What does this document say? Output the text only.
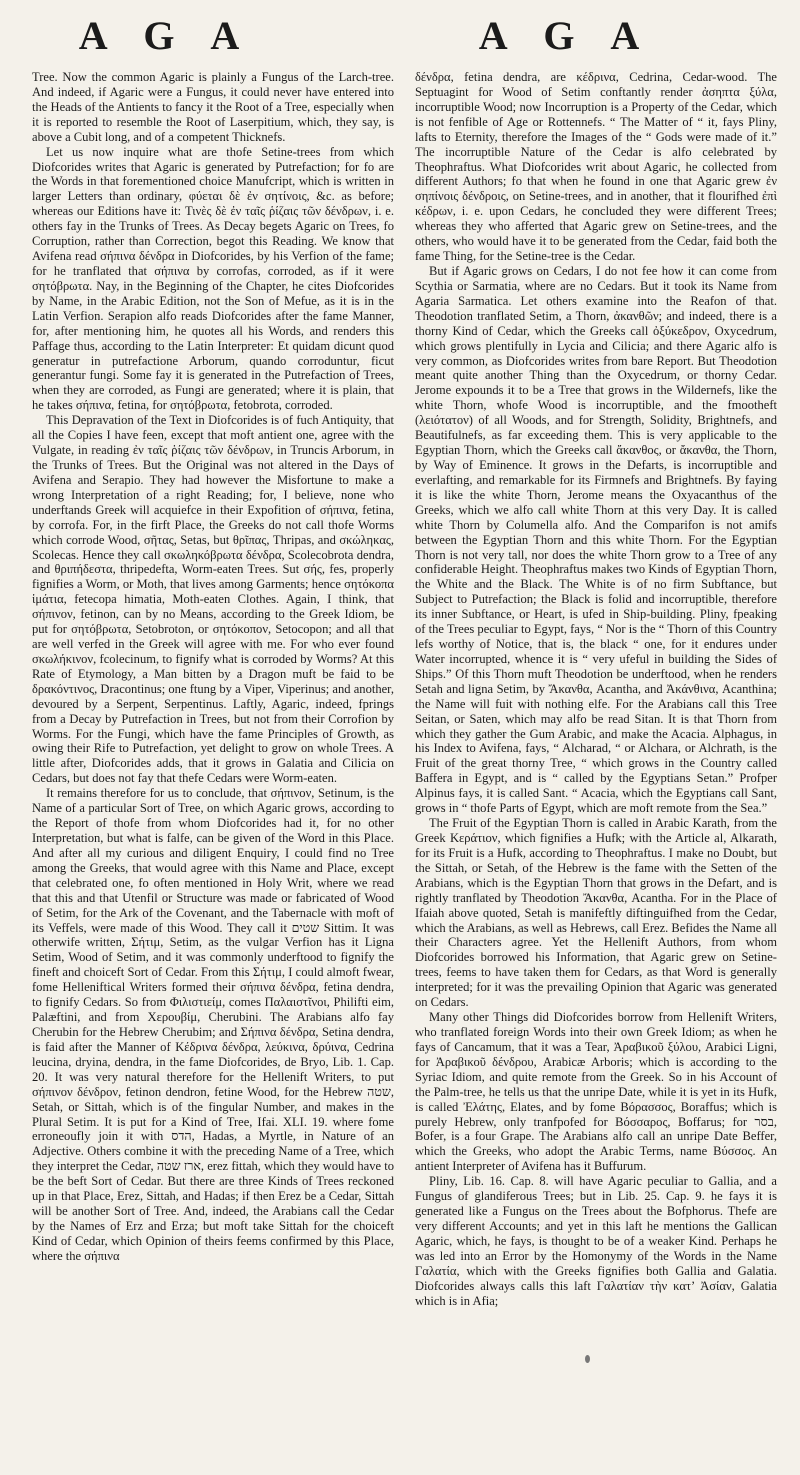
A G A	A G A

Tree. Now the common Agaric is plainly a Fungus of the Larch-tree. And indeed, if Agaric were a Fungus, it could never have entered into the Heads of the Antients to fancy it the Root of a Tree, especially when it is reported to resemble the Root of Laserpitium, which, they say, is above a Cubit long, and of a competent Thicknefs.

Let us now inquire what are thofe Setine-trees from which Diofcorides writes that Agaric is generated by Putrefaction; for fo are the Words in that forementioned choice Manufcript, which is written in larger Letters than ordinary, φύεται δὲ ἐν σητίνοις, &c. as before; whereas our Editions have it: Τινὲς δὲ ἐν ταῖς ῥίζαις τῶν δένδρων, i. e. others fay in the Trunks of Trees. As Decay begets Agaric on Trees, fo Corruption, rather than Correction, begot this Reading. We know that Avifena read σήπινα δένδρα in Diofcorides, by his Verfion of the fame; for he tranflated that σήπινα by corrofas, corroded, as if it were σητόβρωτα. Nay, in the Beginning of the Chapter, he cites Diofcorides by Name, in the Arabic Edition, not the Son of Mefue, as it is in the Latin Verfion. Serapion alfo reads Diofcorides after the fame Manner, for, after mentioning him, he quotes all his Words, and renders this Paffage thus, according to the Latin Interpreter: Et quidam dicunt quod generatur in putrefactione Arborum, quando corroduntur, ficut generantur fungi. Some fay it is generated in the Putrefaction of Trees, when they are corroded, as Fungi are generated; where it is plain, that he takes σήπινα, fetina, for σητόβρωτα, fetobrota, corroded.

This Depravation of the Text in Diofcorides is of fuch Antiquity, that all the Copies I have feen, except that moft antient one, agree with the Vulgate, in reading ἐν ταῖς ῥίζαις τῶν δένδρων, in Truncis Arborum, in the Trunks of Trees. But the Original was not altered in the Days of Avifena and Serapio. They had however the Misfortune to make a wrong Interpretation of a right Reading; for, I believe, none who underftands Greek will acquiefce in their Expofition of σήπινα, fetina, by corrofa. For, in the firft Place, the Greeks do not call thofe Worms which corrode Wood, σῆτας, Setas, but θρῖπας, Thripas, and σκώληκας, Scolecas. Hence they call σκωληκόβρωτα δένδρα, Scolecobrota dendra, and θριπήδεστα, thripedefta, Worm-eaten Trees. Sut σής, fes, properly fignifies a Worm, or Moth, that lives among Garments; hence σητόκοπα ἱμάτια, fetecopa himatia, Moth-eaten Clothes. Again, I think, that σήπινον, fetinon, can by no Means, according to the Greek Idiom, be put for σητόβρωτα, Setobroton, or σητόκοπον, Setocopon; and all that are well verfed in the Greek will agree with me. For who ever found σκωλήκινον, fcolecinum, to fignify what is corroded by Worms? At this Rate of Etymology, a Man bitten by a Dragon muft be faid to be δρακόντινος, Dracontinus; one ftung by a Viper, Viperinus; and another, devoured by a Serpent, Serpentinus. Laftly, Agaric, indeed, fprings from a Decay by Putrefaction in Trees, but not from their Corrofion by Worms. For the Fungi, which have the fame Principles of Growth, as owing their Rife to Putrefaction, yet delight to grow on whole Trees. A little after, Diofcorides adds, that it grows in Galatia and Cilicia on Cedars, but does not fay that thefe Cedars were Worm-eaten.

It remains therefore for us to conclude, that σήπινον, Setinum, is the Name of a particular Sort of Tree, on which Agaric grows, according to the Report of thofe from whom Diofcorides had it, for no other Interpretation, but what is falfe, can be given of the Word in this Place. And after all my curious and diligent Enquiry, I could find no Tree among the Greeks, that would agree with this Name and Place, except that celebrated one, fo often mentioned in Holy Writ, where we read that this and that Utenfil or Structure was made or fabricated of Wood of Setim, for the Ark of the Covenant, and the Tabernacle with moft of its Veffels, were made of this Wood. They call it שטים Sittim. It was otherwife written, Σήτιμ, Setim, as the vulgar Verfion has it Ligna Setim, Wood of Setim, and it was commonly underftood to fignify the fineft and choiceft Sort of Cedar. From this Σήτιμ, I could almoft fwear, fome Helleniftical Writers formed their σήπινα δένδρα, fetina dendra, to fignify Cedars. So from Φιλιστιείμ, comes Παλαιστῖνοι, Philifti eim, Palæftini, and from Χερουβίμ, Cherubini. The Arabians alfo fay Cherubin for the Hebrew Cherubim; and Σήπινα δένδρα, Setina dendra, is faid after the Manner of Κέδρινα δένδρα, λεύκινα, δρύινα, Cedrina leucina, dryina, dendra, in the fame Diofcorides, de Bryo, Lib. 1. Cap. 20. It was very natural therefore for the Hellenift Writers, to put σήπινον δένδρον, fetinon dendron, fetine Wood, for the Hebrew שטה, Setah, or Sittah, which is of the fingular Number, and makes in the Plural Setim. It is put for a Kind of Tree, Ifai. XLI. 19. where fome erroneoufly join it with הדס, Hadas, a Myrtle, in Nature of an Adjective. Others combine it with the preceding Name of a Tree, which they interpret the Cedar, ארז שטה, erez fittah, which they would have to be the beft Sort of Cedar. But there are three Kinds of Trees reckoned up in that Place, Erez, Sittah, and Hadas; if then Erez be a Cedar, Sittah will be another Sort of Tree. And, indeed, the Arabians call the Cedar by the Names of Erz and Erza; but moft take Sittah for the choiceft Kind of Cedar, which Opinion of theirs feems confirmed by this Place, where the σήπινα

δένδρα, fetina dendra, are κέδρινα, Cedrina, Cedar-wood. The Septuagint for Wood of Setim conftantly render ἀσηπτα ξύλα, incorruptible Wood; now Incorruption is a Property of the Cedar, which is not fenfible of Age or Rottennefs. “ The Matter of “ it, fays Pliny, lafts to Eternity, therefore the Images of the “ Gods were made of it.” The incorruptible Nature of the Cedar is alfo celebrated by Theophraftus. What Diofcorides writ about Agaric, he collected from different Authors; fo that when he found in one that Agaric grew ἐν σηπίνοις δένδροις, on Setine-trees, and in another, that it flourifhed ἐπὶ κέδρων, i. e. upon Cedars, he concluded they were different Trees; whereas they who afferted that Agaric grew on Setine-trees, and the others, who would have it to be generated from the Cedar, faid both the fame Thing, for the Setine-tree is the Cedar.

But if Agaric grows on Cedars, I do not fee how it can come from Scythia or Sarmatia, where are no Cedars. But it took its Name from Agaria Sarmatica. Let others examine into the Reafon of that. Theodotion tranflated Setim, a Thorn, ἀκανθῶν; and indeed, there is a thorny Kind of Cedar, which the Greeks call ὀξύκεδρον, Oxycedrum, which grows plentifully in Lycia and Cilicia; and there Agaric alfo is very common, as Diofcorides writes from bare Report. But Theodotion meant quite another Thing than the Oxycedrum, or thorny Cedar. Jerome expounds it to be a Tree that grows in the Wildernefs, like the white Thorn, whofe Wood is incorruptible, and the fmootheft (λειότατον) of all Woods, and for Strength, Solidity, Brightnefs, and Beautifulnefs, as far exceeding them. This is very applicable to the Egyptian Thorn, which the Greeks call ἄκανθος, or ἄκανθα, the Thorn, by Way of Eminence. It grows in the Defarts, is incorruptible and everlafting, and remarkable for its Firmnefs and Brightnefs. By faying it is like the white Thorn, Jerome means the Oxyacanthus of the Greeks, which we alfo call white Thorn at this very Day. It is called white Thorn by Columella alfo. And the Comparifon is not amifs between the Egyptian Thorn and this white Thorn. For the Egyptian Thorn is not very tall, nor does the white Thorn grow to a Tree of any confiderable Height. Theophraftus makes two Kinds of Egyptian Thorn, the White and the Black. The White is of no firm Subftance, but Subject to Putrefaction; the Black is folid and incorruptible, therefore its inner Subftance, or Heart, is ufed in Ship-building. Pliny, fpeaking of the Trees peculiar to Egypt, fays, “ Nor is the “ Thorn of this Country lefs worthy of Notice, that is, the black “ one, for it endures under Water incorrupted, whence it is “ very ufeful in building the Sides of Ships.” Of this Thorn muft Theodotion be underftood, when he renders Setah and ligna Setim, by Ἄκανθα, Acantha, and Ἀκάνθινα, Acanthina; the Name will fuit with nothing elfe. For the Arabians call this Tree Seitan, or Saten, which may alfo be read Sitan. It is that Thorn from which they gather the Gum Arabic, and make the Acacia. Alphagus, in his Index to Avifena, fays, “ Alcharad, “ or Alchara, or Alchrath, is the Fruit of the great thorny Tree, “ which grows in the Country called Baffera in Egypt, and is “ called by the Egyptians Setan.” Profper Alpinus fays, it is called Sant. “ Acacia, which the Egyptians call Sant, grows in “ thofe Parts of Egypt, which are moft remote from the Sea.”

The Fruit of the Egyptian Thorn is called in Arabic Karath, from the Greek Κεράτιον, which fignifies a Hufk; with the Article al, Alkarath, for its Fruit is a Hufk, according to Theophraftus. I make no Doubt, but the Sittah, or Setah, of the Hebrew is the fame with the Setten of the Arabians, which is the Egyptian Thorn that grows in the Defart, and is rightly tranflated by Theodotion Ἄκανθα, Acantha. For in the Place of Ifaiah above quoted, Setah is manifeftly diftinguifhed from the Cedar, which the Arabians, as well as Hebrews, call Erez. Befides the Name all their Characters agree. Yet the Hellenift Authors, from whom Diofcorides borrowed his Information, that Agaric grew on Setine-trees, feems to have taken them for Cedars, as that Word is generally interpreted; for it was the prevailing Opinion that Agaric was generated on Cedars.

Many other Things did Diofcorides borrow from Hellenift Writers, who tranflated foreign Words into their own Greek Idiom; as when he fays of Cancamum, that it was a Tear, Ἀραβικοῦ ξύλου, Arabici Ligni, for Ἀραβικοῦ δένδρου, Arabicæ Arboris; which is according to the Syriac Idiom, and quite remote from the Greek. So in his Account of the Palm-tree, he tells us that the unripe Date, while it is yet in its Hufk, is called Ἐλάτης, Elates, and by fome Βόρασσος, Boraffus; which is purely Hebrew, only tranfpofed for Βόσσαρος, Boffarus; for בסר, Bofer, is a four Grape. The Arabians alfo call an unripe Date Beffer, which the Greeks, who adopt the Arabic Terms, name Βύσσος. An antient Interpreter of Avifena has it Buffurum.

Pliny, Lib. 16. Cap. 8. will have Agaric peculiar to Gallia, and a Fungus of glandiferous Trees; but in Lib. 25. Cap. 9. he fays it is generated like a Fungus on the Trees about the Bofphorus. Thefe are very different Accounts; and yet in this laft he mentions the Gallican Agaric, which, he fays, is thought to be of a weaker Kind. Perhaps he was led into an Error by the Homonymy of the Words in the Name Γαλατία, which with the Greeks fignifies both Gallia and Galatia. Diofcorides always calls this laft Γαλατίαν τὴν κατ’ Ἀσίαν, Galatia which is in Afia;
